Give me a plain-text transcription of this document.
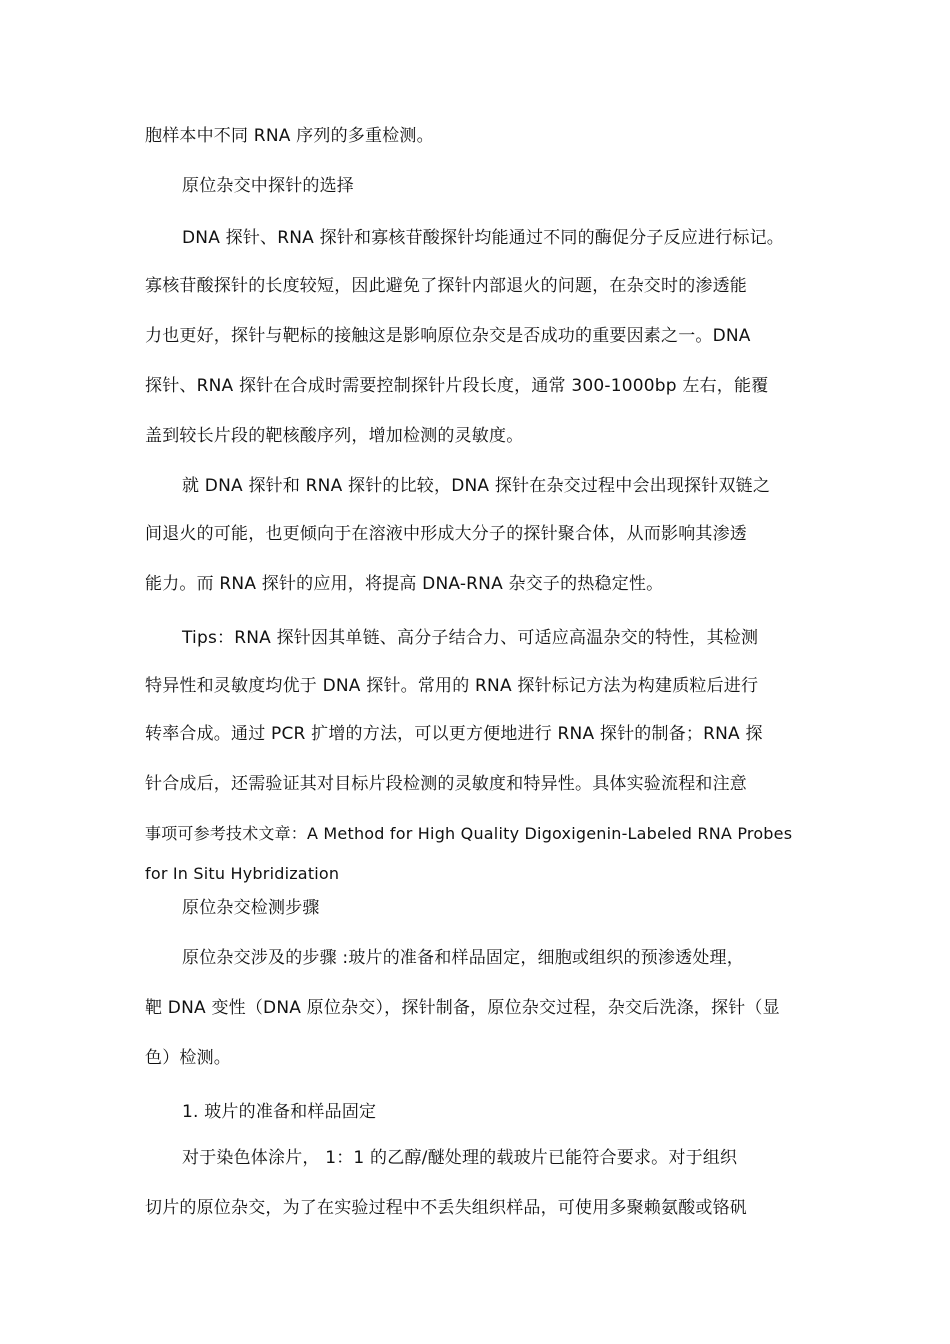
胞样本中不同 RNA 序列的多重检测。
原位杂交中探针的选择
DNA 探针、RNA 探针和寡核苷酸探针均能通过不同的酶促分子反应进行标记。
寡核苷酸探针的长度较短，因此避免了探针内部退火的问题，在杂交时的渗透能
力也更好，探针与靶标的接触这是影响原位杂交是否成功的重要因素之一。DNA
探针、RNA 探针在合成时需要控制探针片段长度，通常 300-1000bp 左右，能覆
盖到较长片段的靶核酸序列，增加检测的灵敏度。
就 DNA 探针和 RNA 探针的比较，DNA 探针在杂交过程中会出现探针双链之
间退火的可能，也更倾向于在溶液中形成大分子的探针聚合体，从而影响其渗透
能力。而 RNA 探针的应用，将提高 DNA-RNA 杂交子的热稳定性。
Tips：RNA 探针因其单链、高分子结合力、可适应高温杂交的特性，其检测
特异性和灵敏度均优于 DNA 探针。常用的 RNA 探针标记方法为构建质粒后进行
转率合成。通过 PCR 扩增的方法，可以更方便地进行 RNA 探针的制备；RNA 探
针合成后，还需验证其对目标片段检测的灵敏度和特异性。具体实验流程和注意
事项可参考技术文章：A Method for High Quality Digoxigenin-Labeled RNA Probes
for In Situ Hybridization
原位杂交检测步骤
原位杂交涉及的步骤 :玻片的准备和样品固定，细胞或组织的预渗透处理，
靶 DNA 变性（DNA 原位杂交），探针制备，原位杂交过程，杂交后洗涤，探针（显
色）检测。
1. 玻片的准备和样品固定
对于染色体涂片， 1：1 的乙醇/醚处理的载玻片已能符合要求。对于组织
切片的原位杂交，为了在实验过程中不丢失组织样品，可使用多聚赖氨酸或铬矾
